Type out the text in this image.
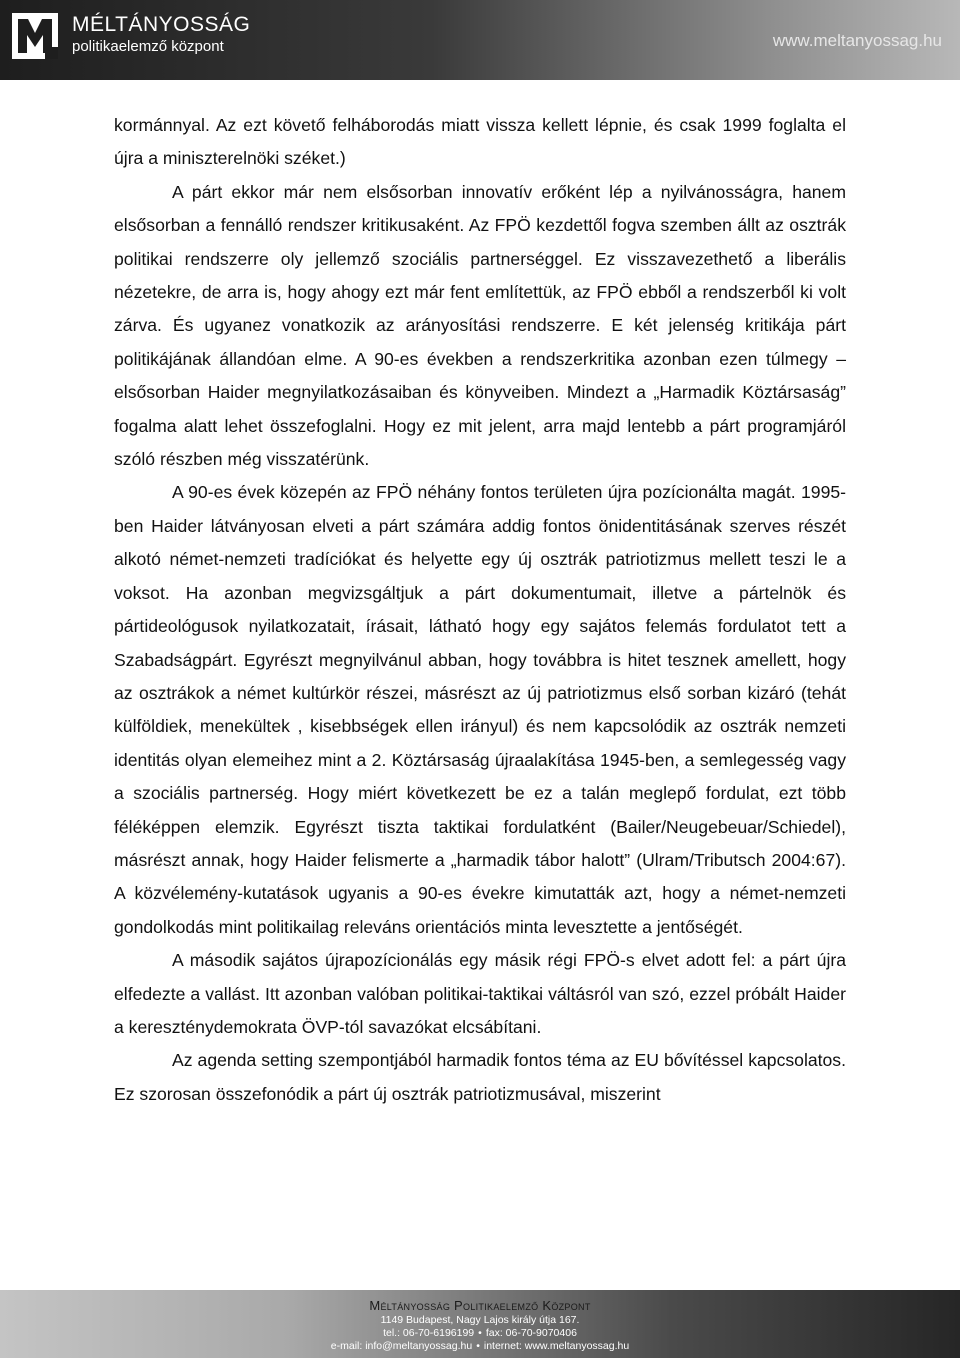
MÉLTÁNYOSSÁG
politikaelemző központ	www.meltanyossag.hu

kormánnyal. Az ezt követő felháborodás miatt vissza kellett lépnie, és csak 1999 foglalta el újra a miniszterelnöki széket.)

A párt ekkor már nem elsősorban innovatív erőként lép a nyilvánosságra, hanem elsősorban a fennálló rendszer kritikusaként. Az FPÖ kezdettől fogva szemben állt az osztrák politikai rendszerre oly jellemző szociális partnerséggel. Ez visszavezethető a liberális nézetekre, de arra is, hogy ahogy ezt már fent említettük, az FPÖ ebből a rendszerből ki volt zárva. És ugyanez vonatkozik az arányosítási rendszerre. E két jelenség kritikája párt politikájának állandóan elme. A 90-es években a rendszerkritika azonban ezen túlmegy – elsősorban Haider megnyilatkozásaiban és könyveiben. Mindezt a „Harmadik Köztársaság” fogalma alatt lehet összefoglalni. Hogy ez mit jelent, arra majd lentebb a párt programjáról szóló részben még visszatérünk.

A 90-es évek közepén az FPÖ néhány fontos területen újra pozícionálta magát. 1995-ben Haider látványosan elveti a párt számára addig fontos önidentitásának szerves részét alkotó német-nemzeti tradíciókat és helyette egy új osztrák patriotizmus mellett teszi le a voksot. Ha azonban megvizsgáltjuk a párt dokumentumait, illetve a pártelnök és pártideológusok nyilatkozatait, írásait, látható hogy egy sajátos felemás fordulatot tett a Szabadságpárt. Egyrészt megnyilvánul abban, hogy továbbra is hitet tesznek amellett, hogy az osztrákok a német kultúrkör részei, másrészt az új patriotizmus első sorban kizáró (tehát külföldiek, menekültek , kisebbségek ellen irányul) és nem kapcsolódik az osztrák nemzeti identitás olyan elemeihez mint a 2. Köztársaság újraalakítása 1945-ben, a semlegesség vagy a szociális partnerség. Hogy miért következett be ez a talán meglepő fordulat, ezt több féléképpen elemzik. Egyrészt tiszta taktikai fordulatként (Bailer/Neugebeuar/Schiedel), másrészt annak, hogy Haider felismerte a „harmadik tábor halott” (Ulram/Tributsch 2004:67). A közvélemény-kutatások ugyanis a 90-es évekre kimutatták azt, hogy a német-nemzeti gondolkodás mint politikailag releváns orientációs minta levesztette a jentőségét.

A második sajátos újrapozícionálás egy másik régi FPÖ-s elvet adott fel: a párt újra elfedezte a vallást. Itt azonban valóban politikai-taktikai váltásról van szó, ezzel próbált Haider a kereszténydemokrata ÖVP-tól savazókat elcsábítani.

Az agenda setting szempontjából harmadik fontos téma az EU bővítéssel kapcsolatos. Ez szorosan összefonódik a párt új osztrák patriotizmusával, miszerint

Méltányosság Politikaelemző Központ
1149 Budapest, Nagy Lajos király útja 167.
tel.: 06-70-6196199 • fax: 06-70-9070406
e-mail: info@meltanyossag.hu • internet: www.meltanyossag.hu
